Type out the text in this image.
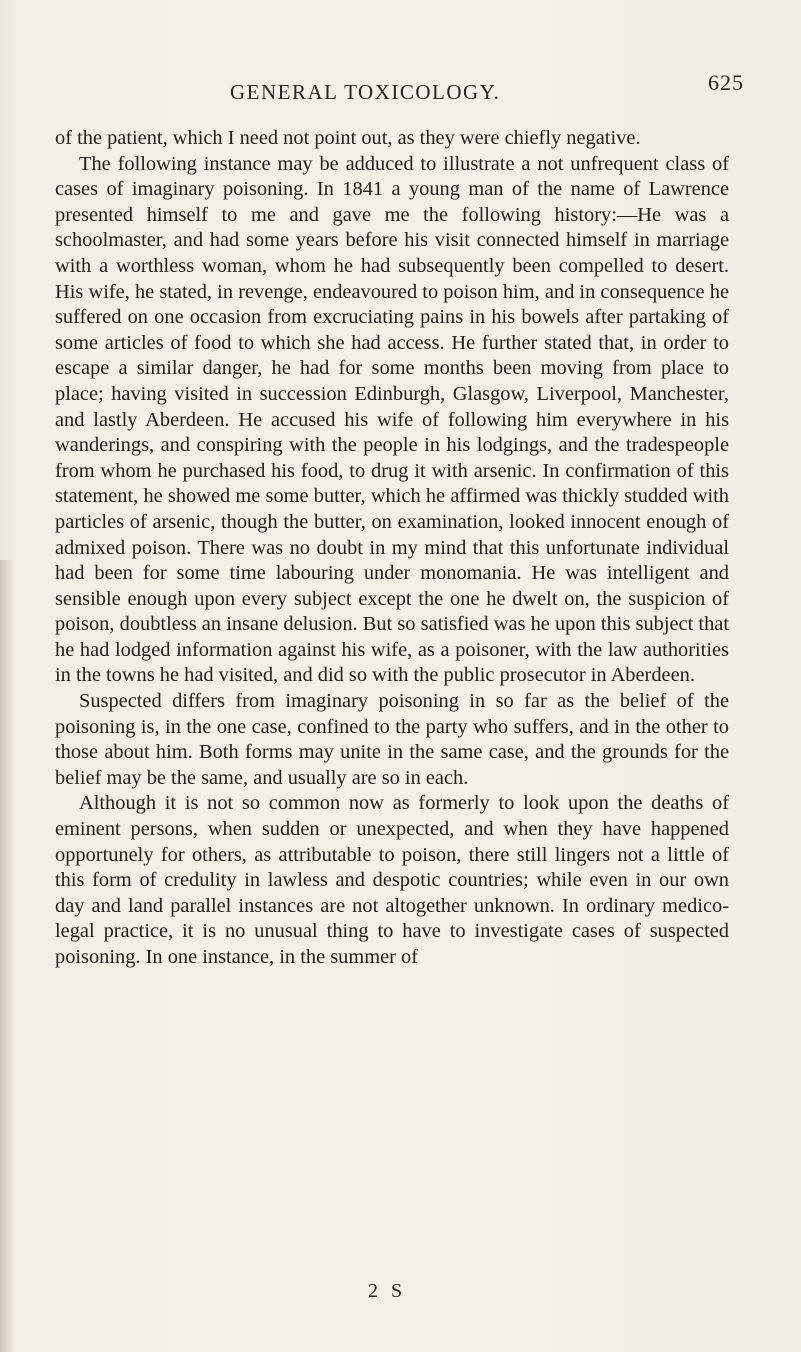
GENERAL TOXICOLOGY.	625

of the patient, which I need not point out, as they were chiefly negative.

The following instance may be adduced to illustrate a not unfrequent class of cases of imaginary poisoning. In 1841 a young man of the name of Lawrence presented himself to me and gave me the following history:—He was a schoolmaster, and had some years before his visit connected himself in marriage with a worthless woman, whom he had subsequently been compelled to desert. His wife, he stated, in revenge, endeavoured to poison him, and in consequence he suffered on one occasion from excruciating pains in his bowels after partaking of some articles of food to which she had access. He further stated that, in order to escape a similar danger, he had for some months been moving from place to place; having visited in succession Edinburgh, Glasgow, Liverpool, Manchester, and lastly Aberdeen. He accused his wife of following him everywhere in his wanderings, and conspiring with the people in his lodgings, and the tradespeople from whom he purchased his food, to drug it with arsenic. In confirmation of this statement, he showed me some butter, which he affirmed was thickly studded with particles of arsenic, though the butter, on examination, looked innocent enough of admixed poison. There was no doubt in my mind that this unfortunate individual had been for some time labouring under monomania. He was intelligent and sensible enough upon every subject except the one he dwelt on, the suspicion of poison, doubtless an insane delusion. But so satisfied was he upon this subject that he had lodged information against his wife, as a poisoner, with the law authorities in the towns he had visited, and did so with the public prosecutor in Aberdeen.

Suspected differs from imaginary poisoning in so far as the belief of the poisoning is, in the one case, confined to the party who suffers, and in the other to those about him. Both forms may unite in the same case, and the grounds for the belief may be the same, and usually are so in each.

Although it is not so common now as formerly to look upon the deaths of eminent persons, when sudden or unexpected, and when they have happened opportunely for others, as attributable to poison, there still lingers not a little of this form of credulity in lawless and despotic countries; while even in our own day and land parallel instances are not altogether unknown. In ordinary medico-legal practice, it is no unusual thing to have to investigate cases of suspected poisoning. In one instance, in the summer of

2 S
